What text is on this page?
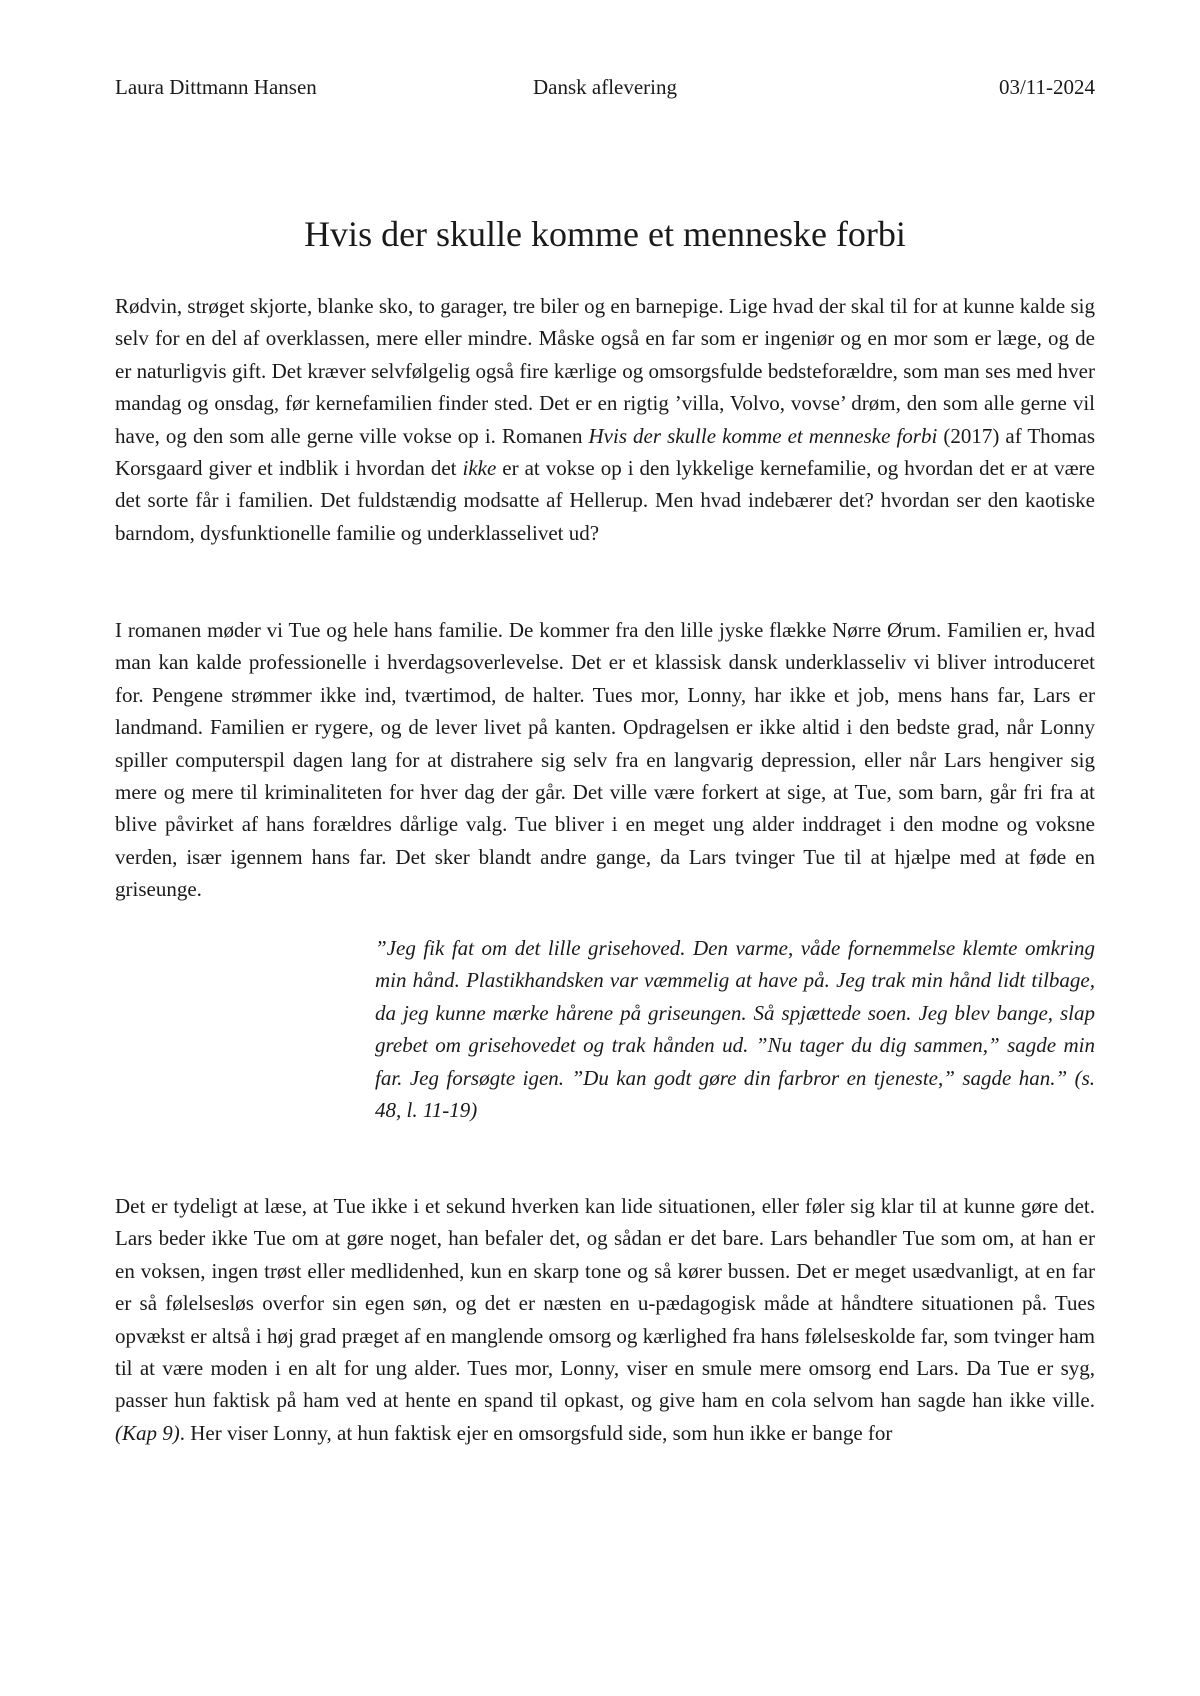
Laura Dittmann Hansen	Dansk aflevering	03/11-2024
Hvis der skulle komme et menneske forbi

Rødvin, strøget skjorte, blanke sko, to garager, tre biler og en barnepige. Lige hvad der skal til for at kunne kalde sig selv for en del af overklassen, mere eller mindre. Måske også en far som er ingeniør og en mor som er læge, og de er naturligvis gift. Det kræver selvfølgelig også fire kærlige og omsorgsfulde bedsteforældre, som man ses med hver mandag og onsdag, før kernefamilien finder sted. Det er en rigtig ’villa, Volvo, vovse’ drøm, den som alle gerne vil have, og den som alle gerne ville vokse op i. Romanen Hvis der skulle komme et menneske forbi (2017) af Thomas Korsgaard giver et indblik i hvordan det ikke er at vokse op i den lykkelige kernefamilie, og hvordan det er at være det sorte får i familien. Det fuldstændig modsatte af Hellerup. Men hvad indebærer det? hvordan ser den kaotiske barndom, dysfunktionelle familie og underklasselivet ud?

I romanen møder vi Tue og hele hans familie. De kommer fra den lille jyske flække Nørre Ørum. Familien er, hvad man kan kalde professionelle i hverdagsoverlevelse. Det er et klassisk dansk underklasseliv vi bliver introduceret for. Pengene strømmer ikke ind, tværtimod, de halter. Tues mor, Lonny, har ikke et job, mens hans far, Lars er landmand. Familien er rygere, og de lever livet på kanten. Opdragelsen er ikke altid i den bedste grad, når Lonny spiller computerspil dagen lang for at distrahere sig selv fra en langvarig depression, eller når Lars hengiver sig mere og mere til kriminaliteten for hver dag der går. Det ville være forkert at sige, at Tue, som barn, går fri fra at blive påvirket af hans forældres dårlige valg. Tue bliver i en meget ung alder inddraget i den modne og voksne verden, især igennem hans far. Det sker blandt andre gange, da Lars tvinger Tue til at hjælpe med at føde en griseunge.

”Jeg fik fat om det lille grisehoved. Den varme, våde fornemmelse klemte omkring min hånd. Plastikhandsken var væmmelig at have på. Jeg trak min hånd lidt tilbage, da jeg kunne mærke hårene på griseungen. Så spjættede soen. Jeg blev bange, slap grebet om grisehovedet og trak hånden ud. ”Nu tager du dig sammen,” sagde min far. Jeg forsøgte igen. ”Du kan godt gøre din farbror en tjeneste,” sagde han.” (s. 48, l. 11-19)

Det er tydeligt at læse, at Tue ikke i et sekund hverken kan lide situationen, eller føler sig klar til at kunne gøre det. Lars beder ikke Tue om at gøre noget, han befaler det, og sådan er det bare. Lars behandler Tue som om, at han er en voksen, ingen trøst eller medlidenhed, kun en skarp tone og så kører bussen. Det er meget usædvanligt, at en far er så følelsesløs overfor sin egen søn, og det er næsten en u-pædagogisk måde at håndtere situationen på. Tues opvækst er altså i høj grad præget af en manglende omsorg og kærlighed fra hans følelseskolde far, som tvinger ham til at være moden i en alt for ung alder. Tues mor, Lonny, viser en smule mere omsorg end Lars. Da Tue er syg, passer hun faktisk på ham ved at hente en spand til opkast, og give ham en cola selvom han sagde han ikke ville. (Kap 9). Her viser Lonny, at hun faktisk ejer en omsorgsfuld side, som hun ikke er bange for
